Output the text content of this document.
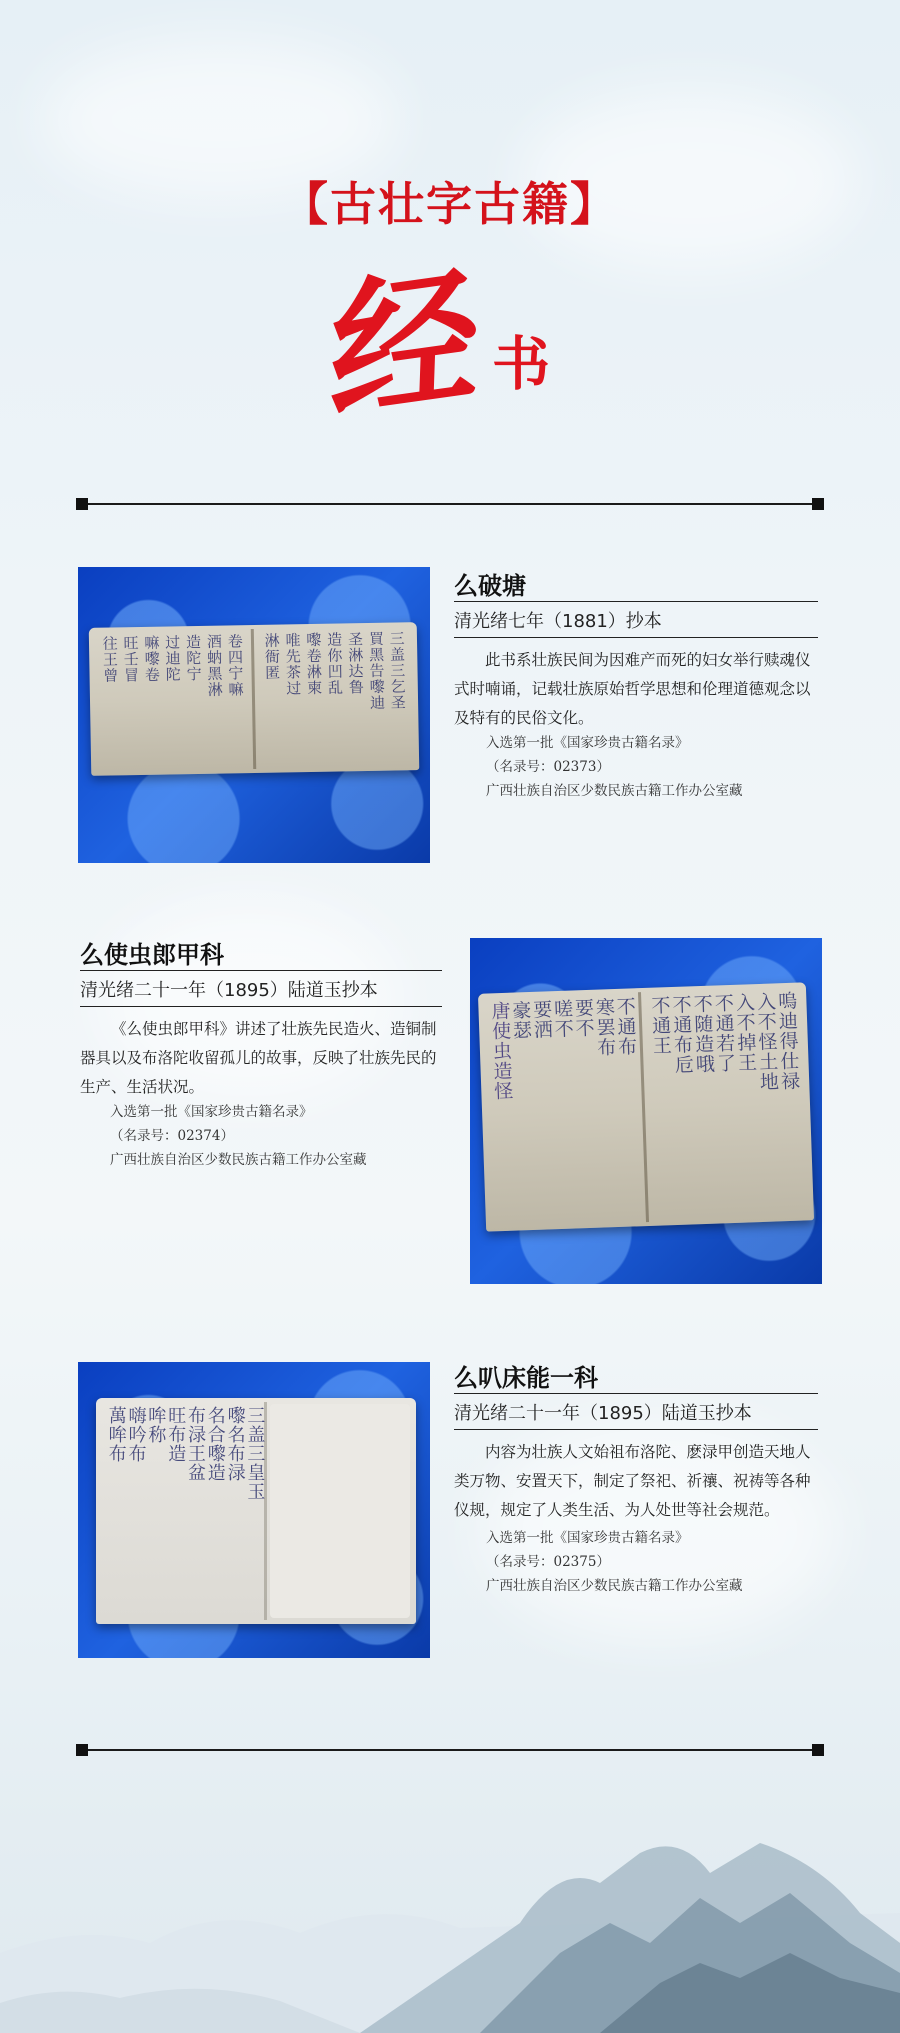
【古壮字古籍】
经 书
三盖三乞圣
買黑告嚟迪
圣淋达鲁
造你凹乱
嚟卷淋柬
唯先茶过
淋衙匿
卷四宁嘛
酒蚋黑淋
造陀宁
过迪陀
嘛嚟卷
旺壬冒
往王曾
么破塘
清光绪七年（1881）抄本
此书系壮族民间为因难产而死的妇女举行赎魂仪式时喃诵，记载壮族原始哲学思想和伦理道德观念以及特有的民俗文化。
入选第一批《国家珍贵古籍名录》
（名录号：02373）
广西壮族自治区少数民族古籍工作办公室藏
么使虫郎甲科
清光绪二十一年（1895）陆道玉抄本
《么使虫郎甲科》讲述了壮族先民造火、造铜制器具以及布洛陀收留孤儿的故事，反映了壮族先民的生产、生活状况。
入选第一批《国家珍贵古籍名录》
（名录号：02374）
广西壮族自治区少数民族古籍工作办公室藏
嗚迪得仕禄
入不怪土地
入不掉王
不通若了
不随造哦
不通布卮
不通王
不通布
寒罢布
要不
嗟不
要洒
豪瑟
唐使虫造怪
三盖三皇玉
嚟名布渌
名合嚟造
布渌王盆
旺布造
哞称
嗨吟布
萬哞布
么叭床能一科
清光绪二十一年（1895）陆道玉抄本
内容为壮族人文始祖布洛陀、麽渌甲创造天地人类万物、安置天下，制定了祭祀、祈禳、祝祷等各种仪规，规定了人类生活、为人处世等社会规范。
入选第一批《国家珍贵古籍名录》
（名录号：02375）
广西壮族自治区少数民族古籍工作办公室藏
